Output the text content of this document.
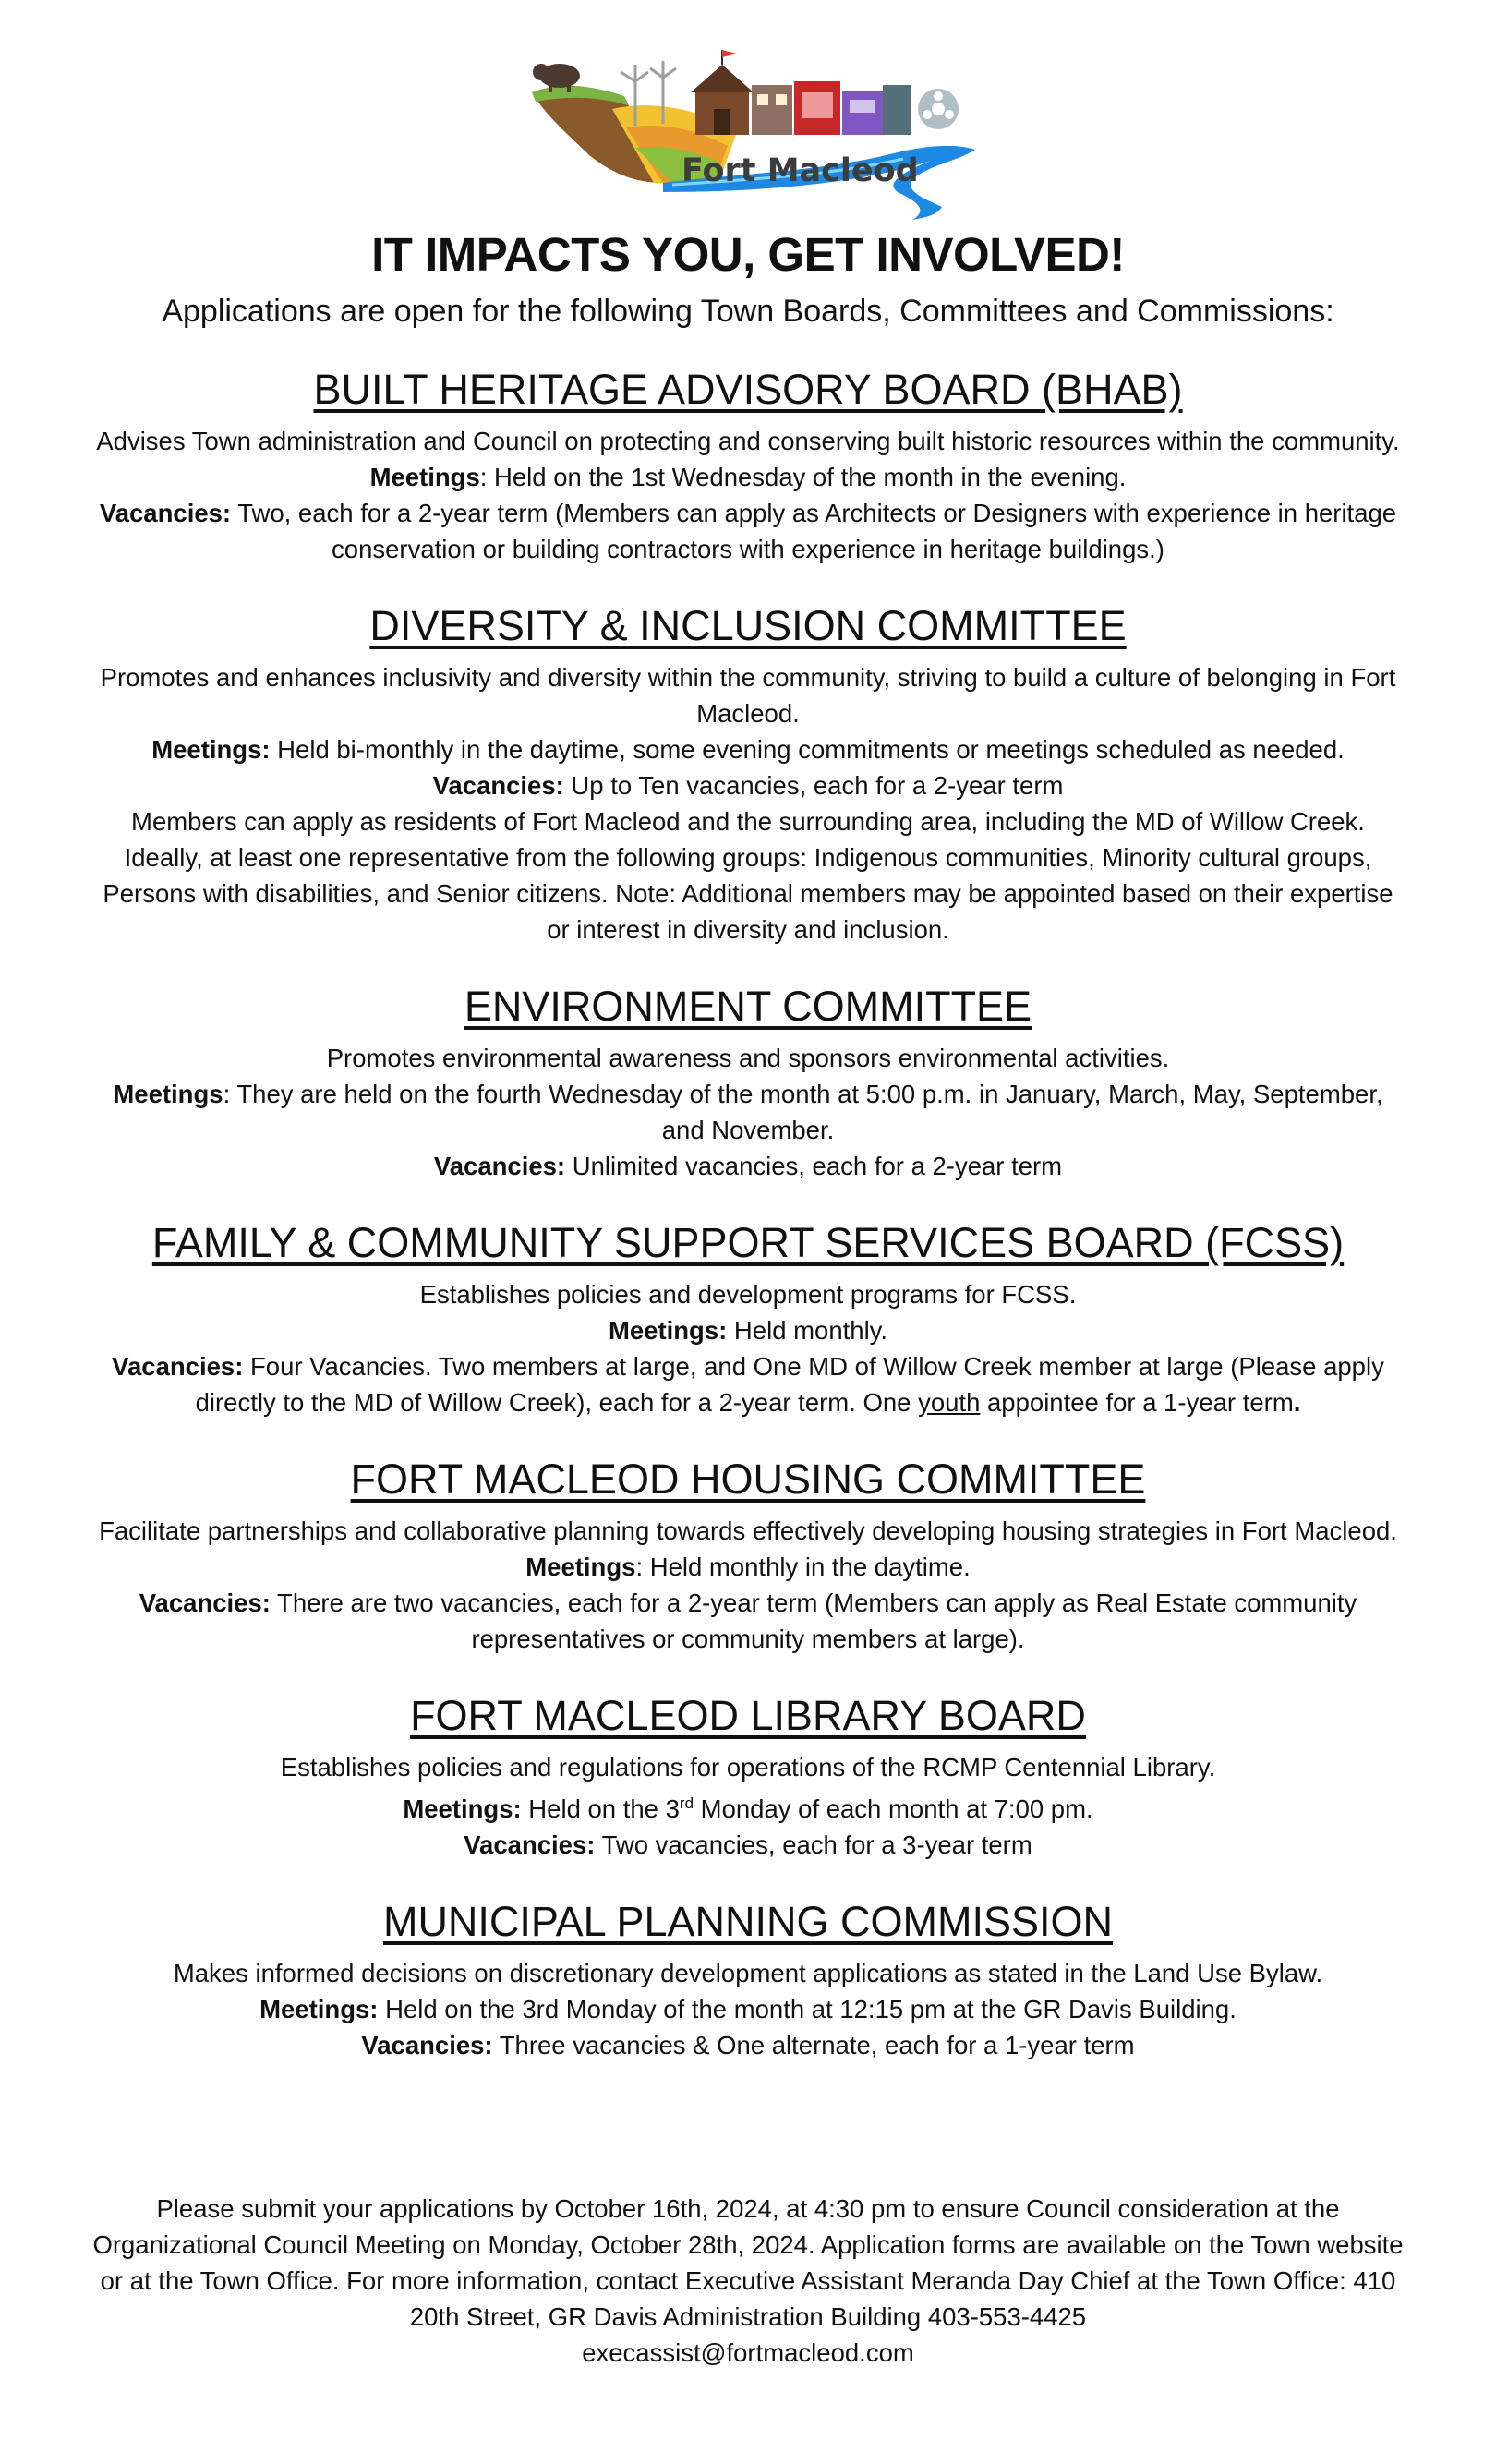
Fort Macleod
IT IMPACTS YOU, GET INVOLVED!
Applications are open for the following Town Boards, Committees and Commissions:
BUILT HERITAGE ADVISORY BOARD (BHAB)

Advises Town administration and Council on protecting and conserving built historic resources within the community.

Meetings: Held on the 1st Wednesday of the month in the evening.

Vacancies: Two, each for a 2-year term (Members can apply as Architects or Designers with experience in heritage conservation or building contractors with experience in heritage buildings.)

DIVERSITY & INCLUSION COMMITTEE

Promotes and enhances inclusivity and diversity within the community, striving to build a culture of belonging in Fort Macleod.

Meetings: Held bi-monthly in the daytime, some evening commitments or meetings scheduled as needed.

Vacancies: Up to Ten vacancies, each for a 2-year term

Members can apply as residents of Fort Macleod and the surrounding area, including the MD of Willow Creek. Ideally, at least one representative from the following groups: Indigenous communities, Minority cultural groups, Persons with disabilities, and Senior citizens. Note: Additional members may be appointed based on their expertise or interest in diversity and inclusion.

ENVIRONMENT COMMITTEE

Promotes environmental awareness and sponsors environmental activities.

Meetings: They are held on the fourth Wednesday of the month at 5:00 p.m. in January, March, May, September, and November.

Vacancies: Unlimited vacancies, each for a 2-year term

FAMILY & COMMUNITY SUPPORT SERVICES BOARD (FCSS)

Establishes policies and development programs for FCSS.

Meetings: Held monthly.

Vacancies: Four Vacancies. Two members at large, and One MD of Willow Creek member at large (Please apply directly to the MD of Willow Creek), each for a 2-year term. One youth appointee for a 1-year term.

FORT MACLEOD HOUSING COMMITTEE

Facilitate partnerships and collaborative planning towards effectively developing housing strategies in Fort Macleod.

Meetings: Held monthly in the daytime.

Vacancies: There are two vacancies, each for a 2-year term (Members can apply as Real Estate community representatives or community members at large).

FORT MACLEOD LIBRARY BOARD

Establishes policies and regulations for operations of the RCMP Centennial Library.

Meetings: Held on the 3rd Monday of each month at 7:00 pm.

Vacancies: Two vacancies, each for a 3-year term

MUNICIPAL PLANNING COMMISSION

Makes informed decisions on discretionary development applications as stated in the Land Use Bylaw.

Meetings: Held on the 3rd Monday of the month at 12:15 pm at the GR Davis Building.

Vacancies: Three vacancies & One alternate, each for a 1-year term

Please submit your applications by October 16th, 2024, at 4:30 pm to ensure Council consideration at the Organizational Council Meeting on Monday, October 28th, 2024. Application forms are available on the Town website or at the Town Office. For more information, contact Executive Assistant Meranda Day Chief at the Town Office: 410 20th Street, GR Davis Administration Building 403-553-4425
execassist@fortmacleod.com
